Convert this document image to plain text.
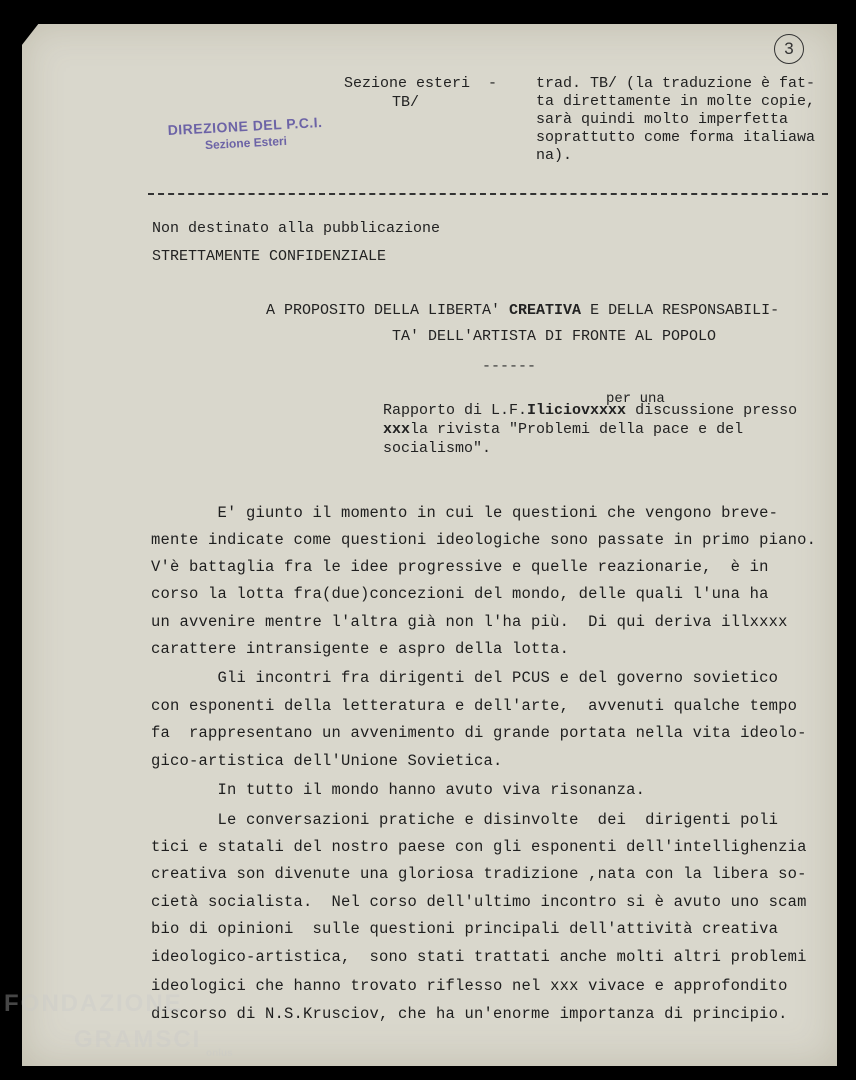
3
DIREZIONE DEL P.C.I.
Sezione Esteri
Sezione esteri  -
TB/
trad. TB/ (la traduzione è fat-
ta direttamente in molte copie,
sarà quindi molto imperfetta
soprattutto come forma italiawa
na).
Non destinato alla pubblicazione
STRETTAMENTE CONFIDENZIALE
A PROPOSITO DELLA LIBERTA' CREATIVA E DELLA RESPONSABILI-
TA' DELL'ARTISTA DI FRONTE AL POPOLO
------
per una
Rapporto di L.F.Iliciovxxxx discussione presso
xxxla rivista "Problemi della pace e del
socialismo".
E' giunto il momento in cui le questioni che vengono breve-
mente indicate come questioni ideologiche sono passate in primo piano.
V'è battaglia fra le idee progressive e quelle reazionarie,  è in
corso la lotta fra(due)concezioni del mondo, delle quali l'una ha
un avvenire mentre l'altra già non l'ha più.  Di qui deriva illxxxx
carattere intransigente e aspro della lotta.
Gli incontri fra dirigenti del PCUS e del governo sovietico
con esponenti della letteratura e dell'arte,  avvenuti qualche tempo
fa  rappresentano un avvenimento di grande portata nella vita ideolo-
gico-artistica dell'Unione Sovietica.
In tutto il mondo hanno avuto viva risonanza.
Le conversazioni pratiche e disinvolte  dei  dirigenti poli
tici e statali del nostro paese con gli esponenti dell'intellighenzia
creativa son divenute una gloriosa tradizione ,nata con la libera so-
cietà socialista.  Nel corso dell'ultimo incontro si è avuto uno scam
bio di opinioni  sulle questioni principali dell'attività creativa
ideologico-artistica,  sono stati trattati anche molti altri problemi
ideologici che hanno trovato riflesso nel xxx vivace e approfondito
discorso di N.S.Krusciov, che ha un'enorme importanza di principio.
FONDAZIONE
GRAMSCI
onlus
